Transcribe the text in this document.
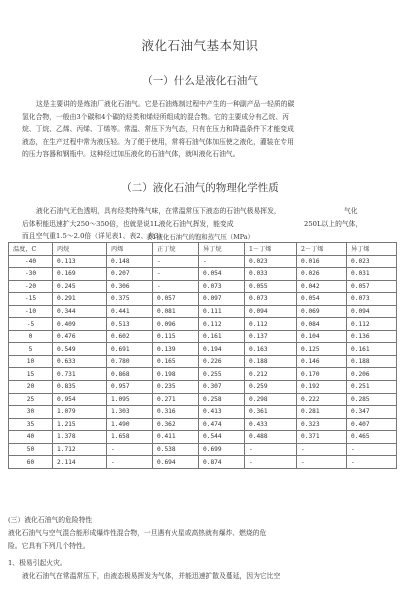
液化石油气基本知识
（一）什么是液化石油气
这是主要讲的是炼油厂液化石油气。它是石油炼制过程中产生的一种副产品一轻质的碳
氢化合物，一般由3个碳和4个碳的烃类和烯烃所组成的混合物。它的主要成分有乙烷、丙
烷、丁烷、乙烯、丙烯、丁烯等。常温、常压下为气态，只有在压力和降温条件下才能变成
液态，在生产过程中常为液压轻。为了便于使用，常将石油气体加压使之液化，灌装在专用
的压力容器和钢瓶中。这种经过加压液化的石油气体，就叫液化石油气。
（二）液化石油气的物理化学性质
液化石油气无色透明，具有经类特殊气味，在常温常压下液态的石油气极易挥发，	气化
后体积能迅速扩大250～350倍，也就是说1L液化石油气挥发，能变成	250L以上的气体，
而且空气重1.5～2.0倍（详见表1、表2、表3）
表1液化石油气的饱和蒸气压（MPa）
温度，C	丙烷	丙烯	正丁烷	异丁烷	1－丁烯	2－丁烯	异丁烯
-40	0.113	0.148	-	-	0.023	0.016	0.023
-30	0.169	0.207	-	0.054	0.033	0.026	0.031
-20	0.245	0.306	-	0.073	0.055	0.042	0.057
-15	0.291	0.375	0.057	0.097	0.073	0.054	0.073
-10	0.344	0.441	0.081	0.111	0.094	0.069	0.094
-5	0.409	0.513	0.096	0.112	0.112	0.084	0.112
0	0.476	0.602	0.115	0.161	0.137	0.104	0.136
5	0.549	0.691	0.139	0.194	0.163	0.125	0.161
10	0.633	0.780	0.165	0.226	0.188	0.146	0.188
15	0.731	0.868	0.198	0.255	0.212	0.170	0.206
20	0.835	0.957	0.235	0.307	0.259	0.192	0.251
25	0.954	1.095	0.271	0.258	0.298	0.222	0.285
30	1.079	1.303	0.316	0.413	0.361	0.281	0.347
35	1.215	1.490	0.362	0.474	0.433	0.323	0.407
40	1.378	1.658	0.411	0.544	0.488	0.371	0.465
50	1.712	-	0.538	0.699	-	-	-
60	2.114	-	0.694	0.874	-	-	-
(三）液化石油气的危险特性
液化石油气与空气混合能形成爆炸性混合物，一旦遇有火星或高热就有爆炸、燃烧的危
险。它具有下列几个特性。
1、极易引起火灾。
液化石油气在常温常压下，由液态极易挥发为气体，并能迅速扩散及蔓延，因为它比空
